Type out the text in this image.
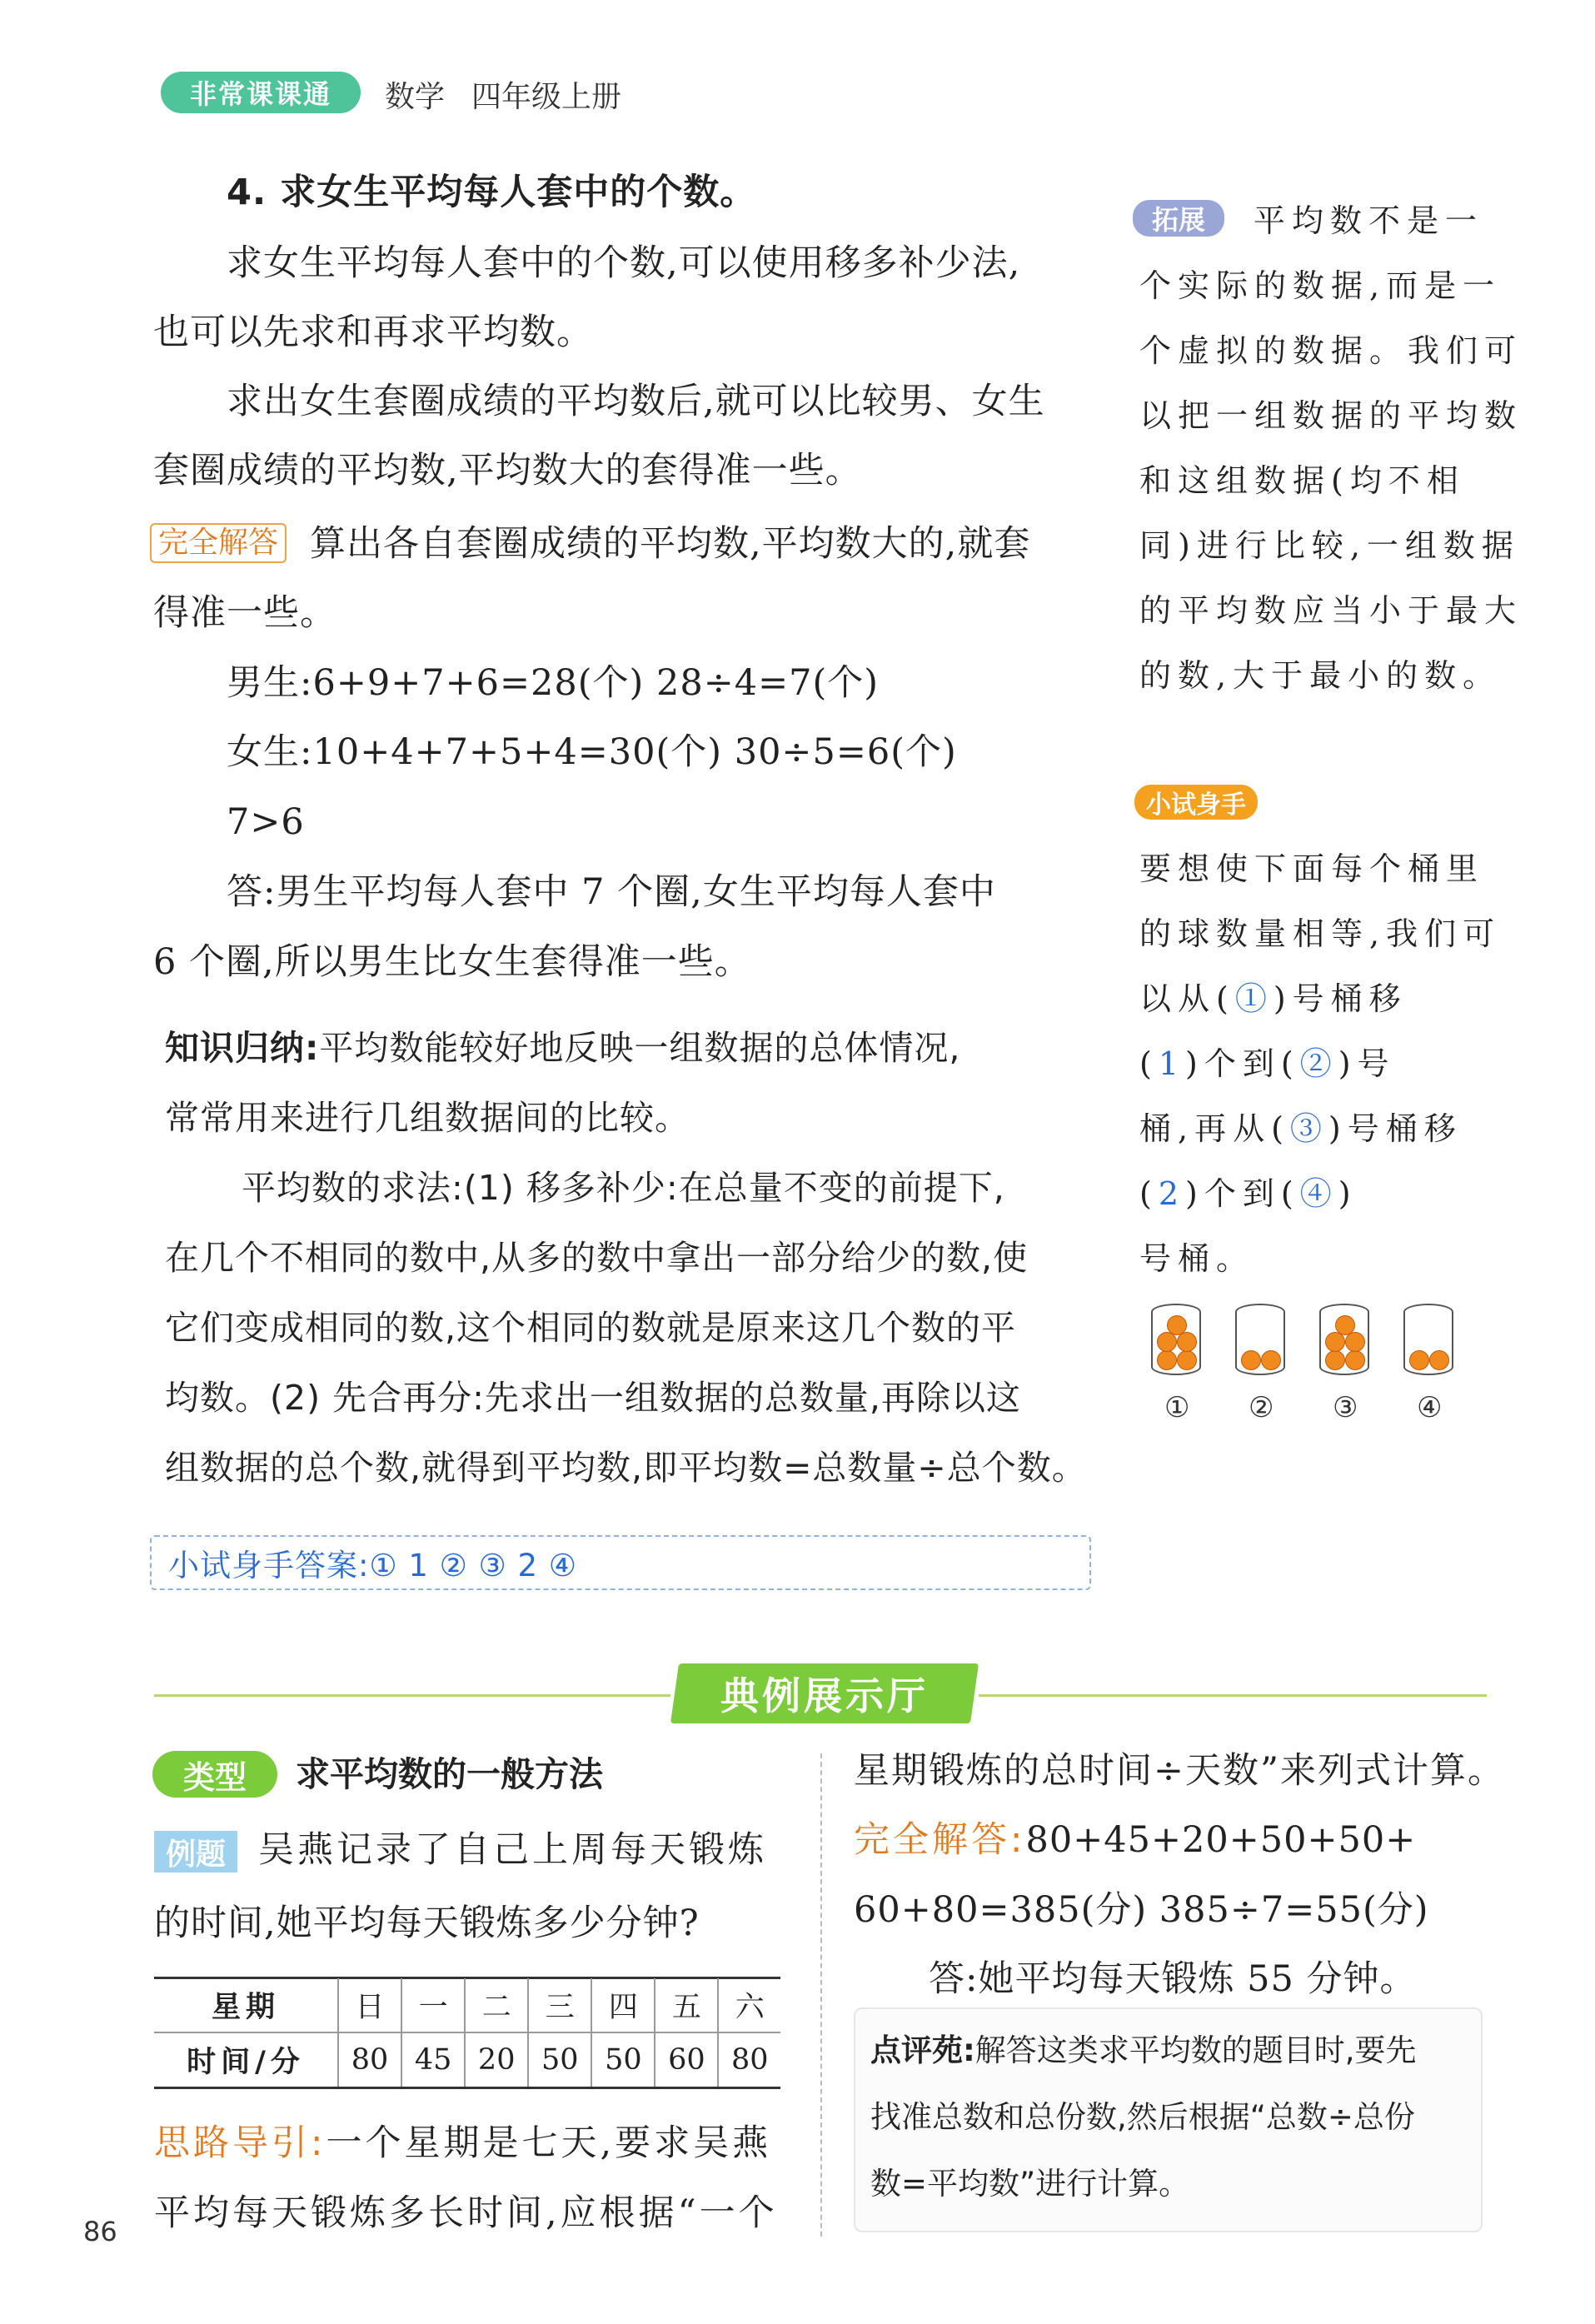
非常课课通	数学 四年级上册
4. 求女生平均每人套中的个数。
求女生平均每人套中的个数,可以使用移多补少法,
也可以先求和再求平均数。
求出女生套圈成绩的平均数后,就可以比较男、女生
套圈成绩的平均数,平均数大的套得准一些。
完全解答 算出各自套圈成绩的平均数,平均数大的,就套
得准一些。
男生:6+9+7+6=28(个) 28÷4=7(个)
女生:10+4+7+5+4=30(个) 30÷5=6(个)
7>6
答:男生平均每人套中 7 个圈,女生平均每人套中
6 个圈,所以男生比女生套得准一些。
知识归纳:平均数能较好地反映一组数据的总体情况,
常常用来进行几组数据间的比较。
平均数的求法:(1) 移多补少:在总量不变的前提下,
在几个不相同的数中,从多的数中拿出一部分给少的数,使
它们变成相同的数,这个相同的数就是原来这几个数的平
均数。(2) 先合再分:先求出一组数据的总数量,再除以这
组数据的总个数,就得到平均数,即平均数=总数量÷总个数。
小试身手答案:① 1 ② ③ 2 ④
拓展	平均数不是一
个实际的数据,而是一
个虚拟的数据。我们可
以把一组数据的平均数
和这组数据(均不相
同)进行比较,一组数据
的平均数应当小于最大
的数,大于最小的数。
小试身手
要想使下面每个桶里
的球数量相等,我们可
以从(①)号桶移
(1)个到(②)号
桶,再从(③)号桶移
(2)个到(④)
号桶。
① ② ③ ④
典例展示厅
类型	求平均数的一般方法
例题 吴燕记录了自己上周每天锻炼
的时间,她平均每天锻炼多少分钟?
星期	日	一	二	三	四	五	六
时间/分	80	45	20	50	50	60	80
思路导引:一个星期是七天,要求吴燕
平均每天锻炼多长时间,应根据“一个
星期锻炼的总时间÷天数”来列式计算。
完全解答:80+45+20+50+50+
60+80=385(分) 385÷7=55(分)
答:她平均每天锻炼 55 分钟。
点评苑:解答这类求平均数的题目时,要先
找准总数和总份数,然后根据“总数÷总份
数=平均数”进行计算。
86
